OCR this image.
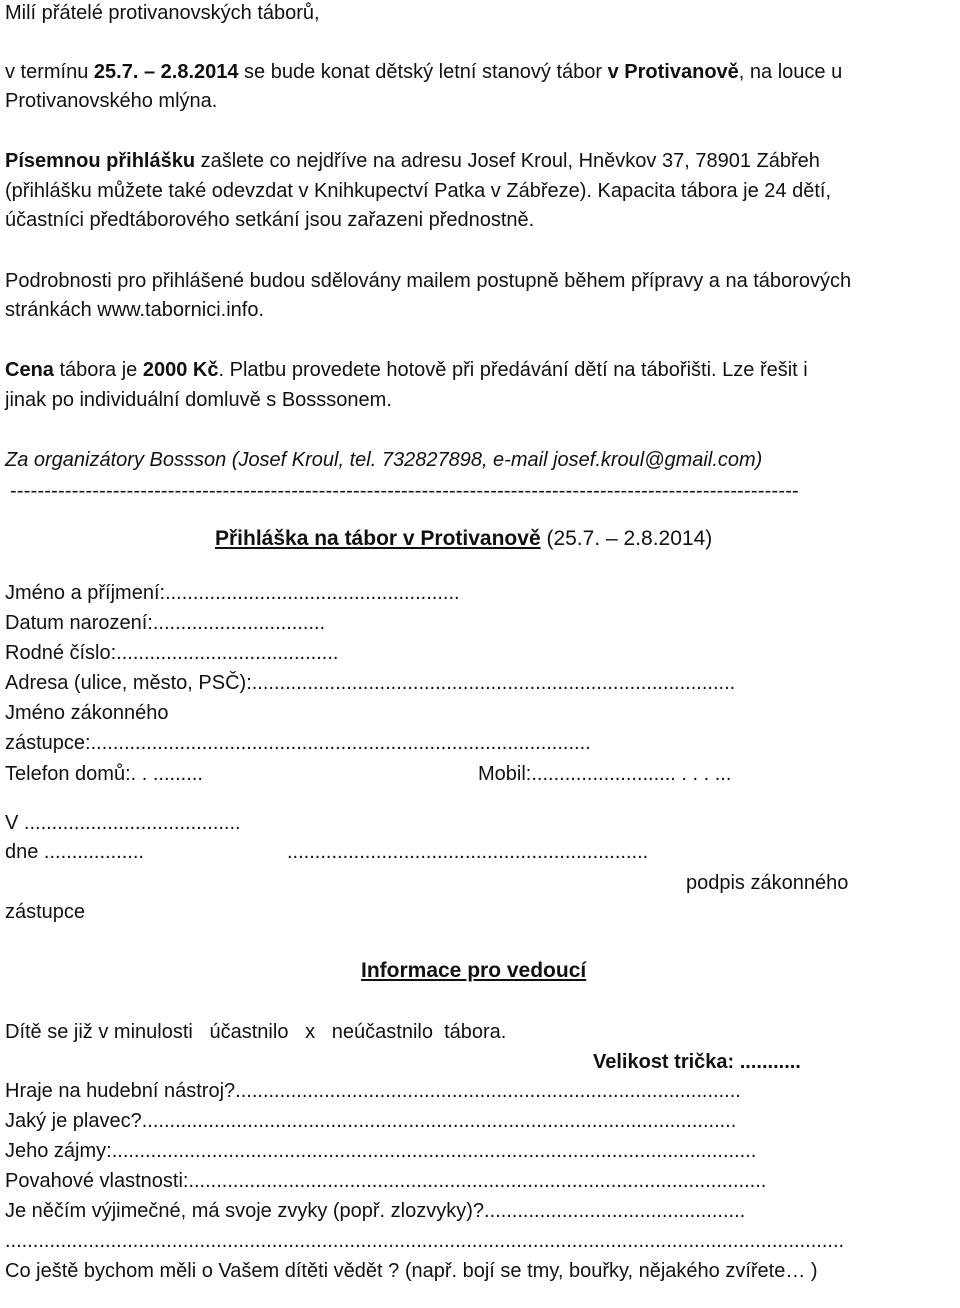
Milí přátelé protivanovských táborů,
v termínu 25.7. – 2.8.2014 se bude konat dětský letní stanový tábor v Protivanově, na louce u
Protivanovského mlýna.
Písemnou přihlášku zašlete co nejdříve na adresu Josef Kroul, Hněvkov 37, 78901 Zábřeh
(přihlášku můžete také odevzdat v Knihkupectví Patka v Zábřeze). Kapacita tábora je 24 dětí,
účastníci předtáborového setkání jsou zařazeni přednostně.
Podrobnosti pro přihlášené budou sdělovány mailem postupně během přípravy a na táborových
stránkách www.tabornici.info.
Cena tábora je 2000 Kč. Platbu provedete hotově při předávání dětí na tábořišti. Lze řešit i
jinak po individuální domluvě s Bosssonem.
Za organizátory Bossson (Josef Kroul, tel. 732827898, e-mail josef.kroul@gmail.com)
-------------------------------------------------------------------------------------------------------------------
Přihláška na tábor v Protivanově (25.7. – 2.8.2014)
Jméno a příjmení:.....................................................
Datum narození:...............................
Rodné číslo:........................................
Adresa (ulice, město, PSČ):.......................................................................................
Jméno zákonného
zástupce:..........................................................................................
Telefon domů:. . .........	Mobil:.......................... . . . ...
V .......................................
dne ..................	.................................................................
podpis zákonného
zástupce
Informace pro vedoucí
Dítě se již v minulosti   účastnilo   x   neúčastnilo  tábora.
Velikost trička: ...........
Hraje na hudební nástroj?...........................................................................................
Jaký je plavec?...........................................................................................................
Jeho zájmy:....................................................................................................................
Povahové vlastnosti:........................................................................................................
Je něčím výjimečné, má svoje zvyky (popř. zlozvyky)?...............................................
.......................................................................................................................................................
Co ještě bychom měli o Vašem dítěti vědět ? (např. bojí se tmy, bouřky, nějakého zvířete… )
